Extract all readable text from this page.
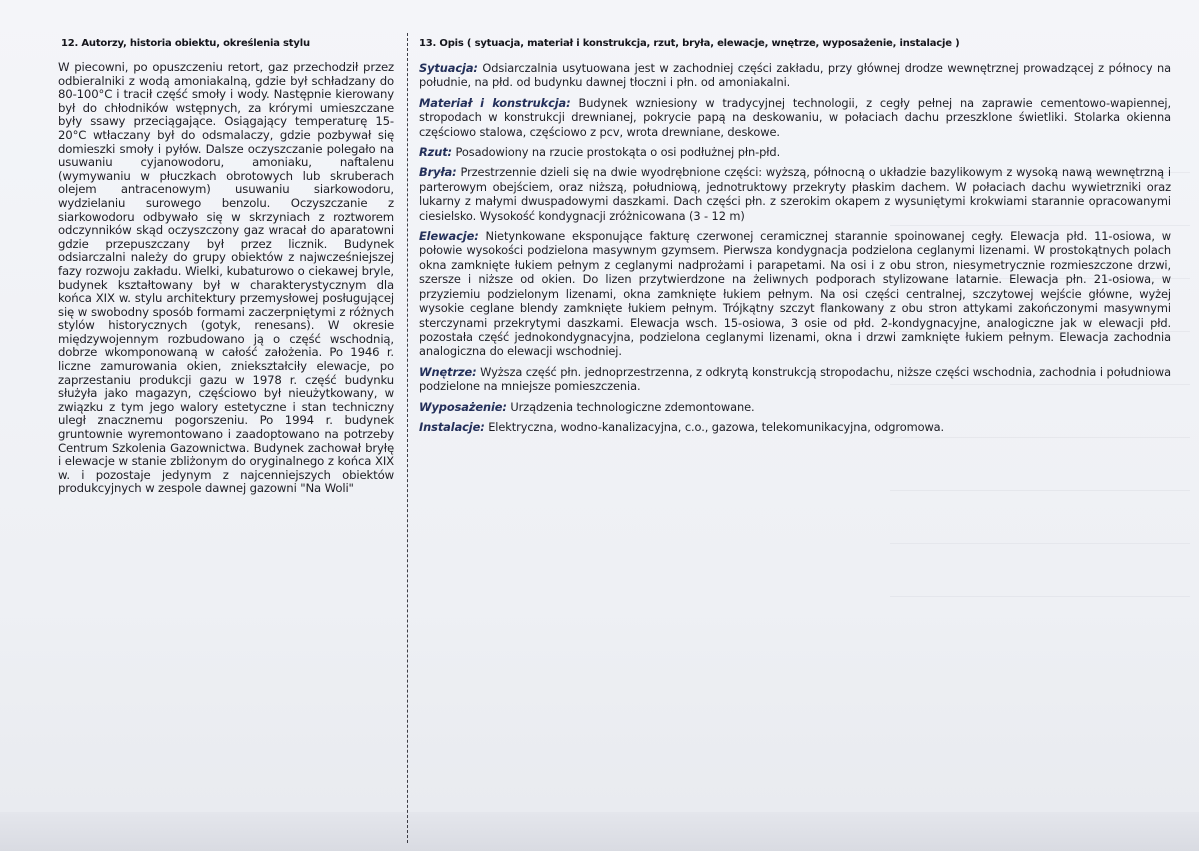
12. Autorzy, historia obiektu, określenia stylu

W piecowni, po opuszczeniu retort, gaz przechodził przez odbieralniki z wodą amoniakalną, gdzie był schładzany do 80-100°C i tracił część smoły i wody. Następnie kierowany był do chłodników wstępnych, za krórymi umieszczane były ssawy przeciągające. Osiągający temperaturę 15-20°C wtłaczany był do odsmalaczy, gdzie pozbywał się domieszki smoły i pyłów. Dalsze oczyszczanie polegało na usuwaniu cyjanowodoru, amoniaku, naftalenu (wymywaniu w płuczkach obrotowych lub skruberach olejem antracenowym) usuwaniu siarkowodoru, wydzielaniu surowego benzolu. Oczyszczanie z siarkowodoru odbywało się w skrzyniach z roztworem odczynników skąd oczyszczony gaz wracał do aparatowni gdzie przepuszczany był przez licznik. Budynek odsiarczalni należy do grupy obiektów z najwcześniejszej fazy rozwoju zakładu. Wielki, kubaturowo o ciekawej bryle, budynek kształtowany był w charakterystycznym dla końca XIX w. stylu architektury przemysłowej posługującej się w swobodny sposób formami zaczerpniętymi z różnych stylów historycznych (gotyk, renesans). W okresie międzywojennym rozbudowano ją o część wschodnią, dobrze wkomponowaną w całość założenia. Po 1946 r. liczne zamurowania okien, zniekształciły elewacje, po zaprzestaniu produkcji gazu w 1978 r. część budynku służyła jako magazyn, częściowo był nieużytkowany, w związku z tym jego walory estetyczne i stan techniczny uległ znacznemu pogorszeniu. Po 1994 r. budynek gruntownie wyremontowano i zaadoptowano na potrzeby Centrum Szkolenia Gazownictwa. Budynek zachował bryłę i elewacje w stanie zbliżonym do oryginalnego z końca XIX w. i pozostaje jedynym z najcenniejszych obiektów produkcyjnych w zespole dawnej gazowni "Na Woli"

13. Opis ( sytuacja, materiał i konstrukcja, rzut, bryła, elewacje, wnętrze, wyposażenie, instalacje )

Sytuacja: Odsiarczalnia usytuowana jest w zachodniej części zakładu, przy głównej drodze wewnętrznej prowadzącej z północy na południe, na płd. od budynku dawnej tłoczni i płn. od amoniakalni.

Materiał i konstrukcja: Budynek wzniesiony w tradycyjnej technologii, z cegły pełnej na zaprawie cementowo-wapiennej, stropodach w konstrukcji drewnianej, pokrycie papą na deskowaniu, w połaciach dachu przeszklone świetliki. Stolarka okienna częściowo stalowa, częściowo z pcv, wrota drewniane, deskowe.

Rzut: Posadowiony na rzucie prostokąta o osi podłużnej płn-płd.

Bryła: Przestrzennie dzieli się na dwie wyodrębnione części: wyższą, północną o układzie bazylikowym z wysoką nawą wewnętrzną i parterowym obejściem, oraz niższą, południową, jednotruktowy przekryty płaskim dachem. W połaciach dachu wywietrzniki oraz lukarny z małymi dwuspadowymi daszkami. Dach części płn. z szerokim okapem z wysuniętymi krokwiami starannie opracowanymi ciesielsko. Wysokość kondygnacji zróżnicowana (3 - 12 m)

Elewacje: Nietynkowane eksponujące fakturę czerwonej ceramicznej starannie spoinowanej cegły. Elewacja płd. 11-osiowa, w połowie wysokości podzielona masywnym gzymsem. Pierwsza kondygnacja podzielona ceglanymi lizenami. W prostokątnych polach okna zamknięte łukiem pełnym z ceglanymi nadprożami i parapetami. Na osi i z obu stron, niesymetrycznie rozmieszczone drzwi, szersze i niższe od okien. Do lizen przytwierdzone na żeliwnych podporach stylizowane latarnie. Elewacja płn. 21-osiowa, w przyziemiu podzielonym lizenami, okna zamknięte łukiem pełnym. Na osi części centralnej, szczytowej wejście główne, wyżej wysokie ceglane blendy zamknięte łukiem pełnym. Trójkątny szczyt flankowany z obu stron attykami zakończonymi masywnymi sterczynami przekrytymi daszkami. Elewacja wsch. 15-osiowa, 3 osie od płd. 2-kondygnacyjne, analogiczne jak w elewacji płd. pozostała część jednokondygnacyjna, podzielona ceglanymi lizenami, okna i drzwi zamknięte łukiem pełnym. Elewacja zachodnia analogiczna do elewacji wschodniej.

Wnętrze: Wyższa część płn. jednoprzestrzenna, z odkrytą konstrukcją stropodachu, niższe części wschodnia, zachodnia i południowa podzielone na mniejsze pomieszczenia.

Wyposażenie: Urządzenia technologiczne zdemontowane.

Instalacje: Elektryczna, wodno-kanalizacyjna, c.o., gazowa, telekomunikacyjna, odgromowa.
